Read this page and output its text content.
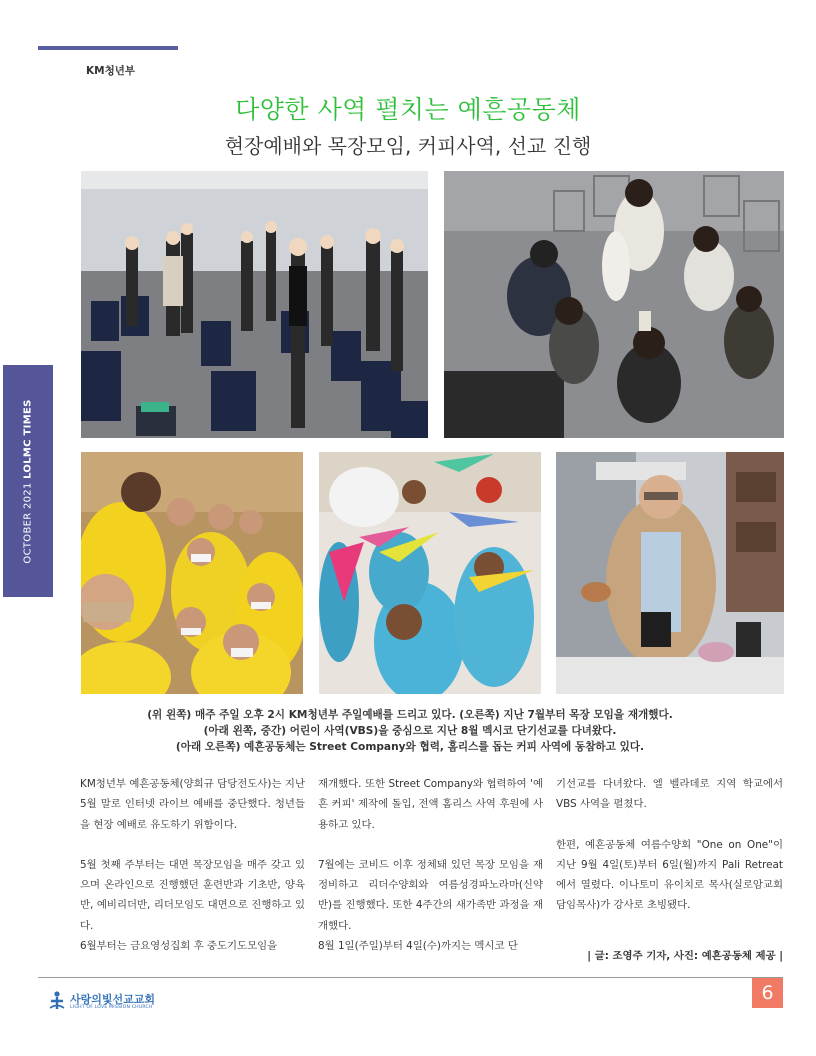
KM청년부
다양한 사역 펼치는 예흔공동체
현장예배와 목장모임, 커피사역, 선교 진행
OCTOBER 2021 LOLMC TIMES
(위 왼쪽) 매주 주일 오후 2시 KM청년부 주일예배를 드리고 있다. (오른쪽) 지난 7월부터 목장 모임을 재개했다.
(아래 왼쪽, 중간) 어린이 사역(VBS)을 중심으로 지난 8월 멕시코 단기선교를 다녀왔다.
(아래 오른쪽) 예흔공동체는 Street Company와 협력, 홈리스를 돕는 커피 사역에 동참하고 있다.

KM청년부 예흔공동체(양희규 담당전도사)는 지난 5월 말로 인터넷 라이브 예배를 중단했다. 청년들을 현장 예배로 유도하기 위함이다.

5월 첫째 주부터는 대면 목장모임을 매주 갖고 있으며 온라인으로 진행했던 훈련반과 기초반, 양육반, 예비리더반, 리더모임도 대면으로 진행하고 있다.

6월부터는 금요영성집회 후 중도기도모임을

재개했다. 또한 Street Company와 협력하여 '예흔 커피' 제작에 돌입, 전액 홈리스 사역 후원에 사용하고 있다.

7월에는 코비드 이후 정체돼 있던 목장 모임을 재정비하고 리더수양회와 여름성경파노라마(신약반)를 진행했다. 또한 4주간의 새가족반 과정을 재개했다.

8월 1일(주일)부터 4일(수)까지는 멕시코 단

기선교를 다녀왔다. 엘 벨라데로 지역 학교에서 VBS 사역을 펼쳤다.

한편, 예흔공동체 여름수양회 "One on One"이 지난 9월 4일(토)부터 6일(월)까지 Pali Retreat에서 열렸다. 이나토미 유이치로 목사(실로암교회 담임목사)가 강사로 초빙됐다.

| 글: 조영주 기자, 사진: 예흔공동체 제공 |

사랑의빛선교교회
LIGHT OF LOVE MISSION CHURCH
6
